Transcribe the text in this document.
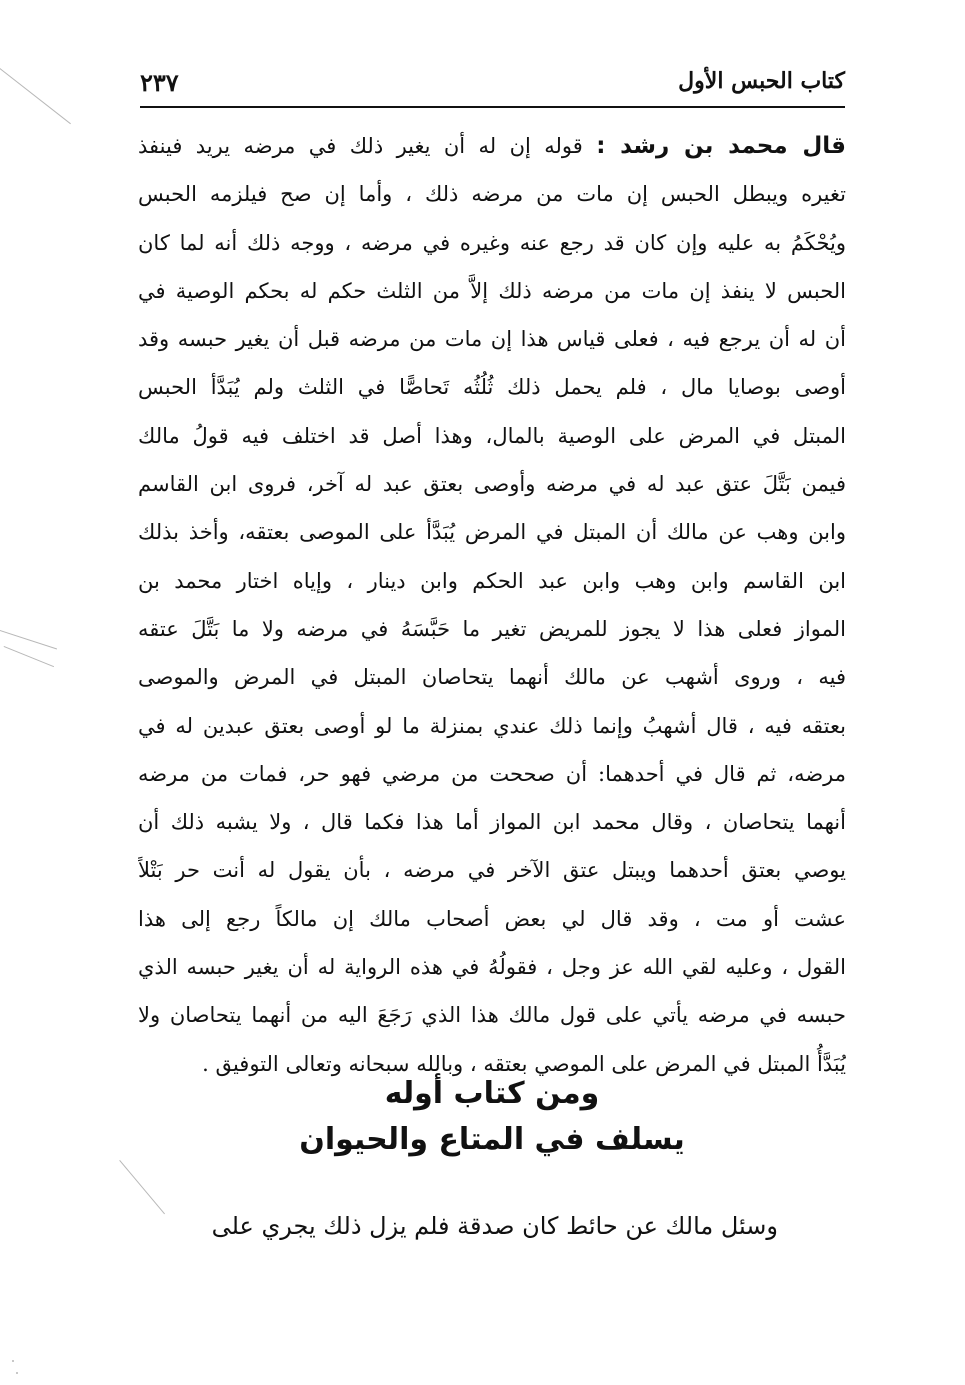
كتاب الحبس الأول
٢٣٧
قال محمد بن رشد : قوله إن له أن يغير ذلك في مرضه يريد فينفذ
تغيره ويبطل الحبس إن مات من مرضه ذلك ، وأما إن صح فيلزمه الحبس
ويُحْكَمُ به عليه وإن كان قد رجع عنه وغيره في مرضه ، ووجه ذلك أنه لما كان
الحبس لا ينفذ إن مات من مرضه ذلك إلاَّ من الثلث حكم له بحكم الوصية في
أن له أن يرجع فيه ، فعلى قياس هذا إن مات من مرضه قبل أن يغير حبسه وقد
أوصى بوصايا مال ، فلم يحمل ذلك ثُلُثُه تَحاصًّا في الثلث ولم يُبَدَّأ الحبس
المبتل في المرض على الوصية بالمال، وهذا أصل قد اختلف فيه قولُ مالك
فيمن بَتَّلَ عتق عبد له في مرضه وأوصى بعتق عبد له آخر، فروى ابن القاسم
وابن وهب عن مالك أن المبتل في المرض يُبَدَّأ على الموصى بعتقه، وأخذ بذلك
ابن القاسم وابن وهب وابن عبد الحكم وابن دينار ، وإياه اختار محمد بن
المواز فعلى هذا لا يجوز للمريض تغير ما حَبَّسَهُ في مرضه ولا ما بَتَّلَ عتقه
فيه ، وروى أشهب عن مالك أنهما يتحاصان المبتل في المرض والموصى
بعتقه فيه ، قال أشهبُ وإنما ذلك عندي بمنزلة ما لو أوصى بعتق عبدين له في
مرضه، ثم قال في أحدهما: أن صححت من مرضي فهو حر، فمات من مرضه
أنهما يتحاصان ، وقال محمد ابن المواز أما هذا فكما قال ، ولا يشبه ذلك أن
يوصي بعتق أحدهما ويبتل عتق الآخر في مرضه ، بأن يقول له أنت حر بَتْلاً
عشت أو مت ، وقد قال لي بعض أصحاب مالك إن مالكاً رجع إلى هذا
القول ، وعليه لقي الله عز وجل ، فقولُهُ في هذه الرواية له أن يغير حبسه الذي
حبسه في مرضه يأتي على قول مالك هذا الذي رَجَعَ اليه من أنهما يتحاصان ولا
يُبَدَّأُ المبتل في المرض على الموصي بعتقه ، وبالله سبحانه وتعالى التوفيق .
ومن كتاب أوله
يسلف في المتاع والحيوان
وسئل مالك عن حائط كان صدقة فلم يزل ذلك يجري على
